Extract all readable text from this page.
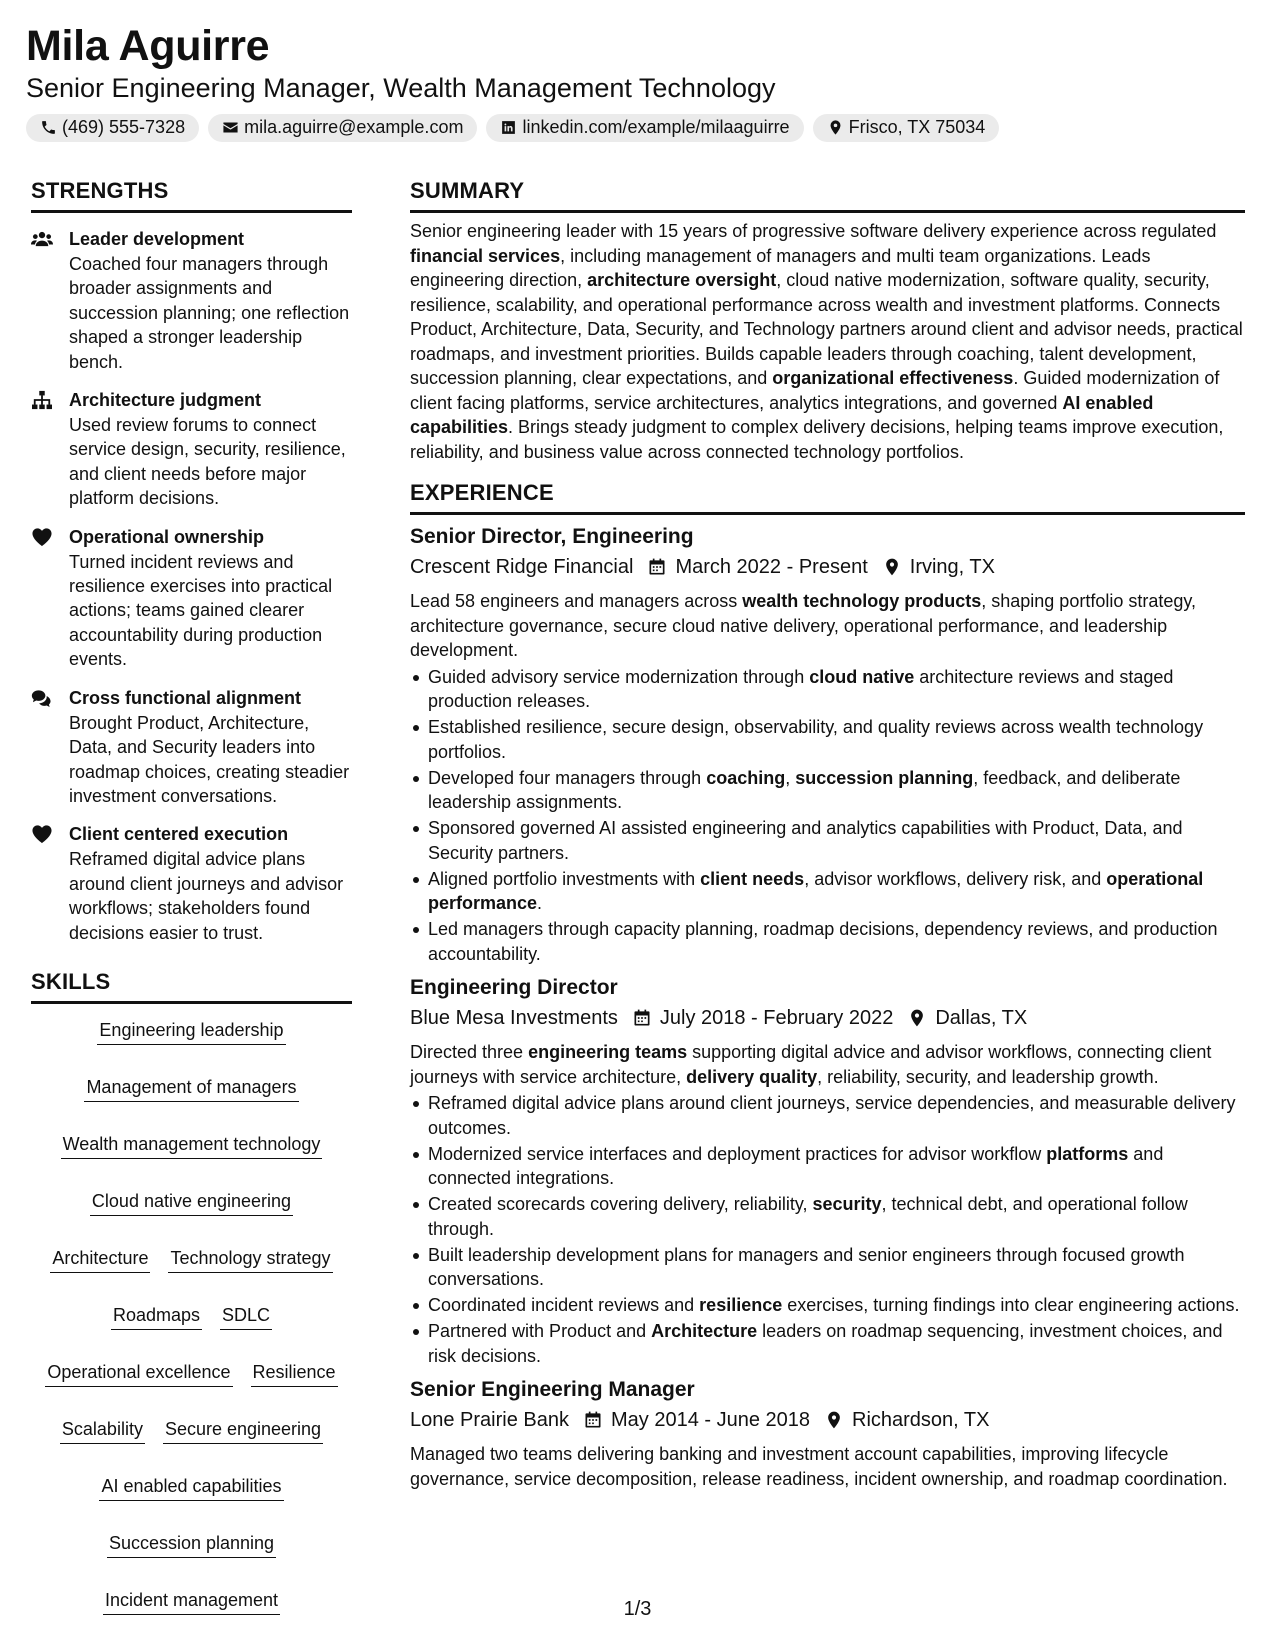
Mila Aguirre
Senior Engineering Manager, Wealth Management Technology
(469) 555-7328	mila.aguirre@example.com	linkedin.com/example/milaaguirre	Frisco, TX 75034
STRENGTHS
Leader development
Coached four managers through broader assignments and succession planning; one reflection shaped a stronger leadership bench.
Architecture judgment
Used review forums to connect service design, security, resilience, and client needs before major platform decisions.
Operational ownership
Turned incident reviews and resilience exercises into practical actions; teams gained clearer accountability during production events.
Cross functional alignment
Brought Product, Architecture, Data, and Security leaders into roadmap choices, creating steadier investment conversations.
Client centered execution
Reframed digital advice plans around client journeys and advisor workflows; stakeholders found decisions easier to trust.
SKILLS
Engineering leadership
Management of managers
Wealth management technology
Cloud native engineering
Architecture Technology strategy
Roadmaps SDLC
Operational excellence Resilience
Scalability Secure engineering
AI enabled capabilities
Succession planning
Incident management
SUMMARY

Senior engineering leader with 15 years of progressive software delivery experience across regulated financial services, including management of managers and multi team organizations. Leads engineering direction, architecture oversight, cloud native modernization, software quality, security, resilience, scalability, and operational performance across wealth and investment platforms. Connects Product, Architecture, Data, Security, and Technology partners around client and advisor needs, practical roadmaps, and investment priorities. Builds capable leaders through coaching, talent development, succession planning, clear expectations, and organizational effectiveness. Guided modernization of client facing platforms, service architectures, analytics integrations, and governed AI enabled capabilities. Brings steady judgment to complex delivery decisions, helping teams improve execution, reliability, and business value across connected technology portfolios.

EXPERIENCE
Senior Director, Engineering
Crescent Ridge Financial March 2022 - Present Irving, TX

Lead 58 engineers and managers across wealth technology products, shaping portfolio strategy, architecture governance, secure cloud native delivery, operational performance, and leadership development.

Guided advisory service modernization through cloud native architecture reviews and staged production releases.
Established resilience, secure design, observability, and quality reviews across wealth technology portfolios.
Developed four managers through coaching, succession planning, feedback, and deliberate leadership assignments.
Sponsored governed AI assisted engineering and analytics capabilities with Product, Data, and Security partners.
Aligned portfolio investments with client needs, advisor workflows, delivery risk, and operational performance.
Led managers through capacity planning, roadmap decisions, dependency reviews, and production accountability.
Engineering Director
Blue Mesa Investments July 2018 - February 2022 Dallas, TX

Directed three engineering teams supporting digital advice and advisor workflows, connecting client journeys with service architecture, delivery quality, reliability, security, and leadership growth.

Reframed digital advice plans around client journeys, service dependencies, and measurable delivery outcomes.
Modernized service interfaces and deployment practices for advisor workflow platforms and connected integrations.
Created scorecards covering delivery, reliability, security, technical debt, and operational follow through.
Built leadership development plans for managers and senior engineers through focused growth conversations.
Coordinated incident reviews and resilience exercises, turning findings into clear engineering actions.
Partnered with Product and Architecture leaders on roadmap sequencing, investment choices, and risk decisions.
Senior Engineering Manager
Lone Prairie Bank May 2014 - June 2018 Richardson, TX

Managed two teams delivering banking and investment account capabilities, improving lifecycle governance, service decomposition, release readiness, incident ownership, and roadmap coordination.

1/3
